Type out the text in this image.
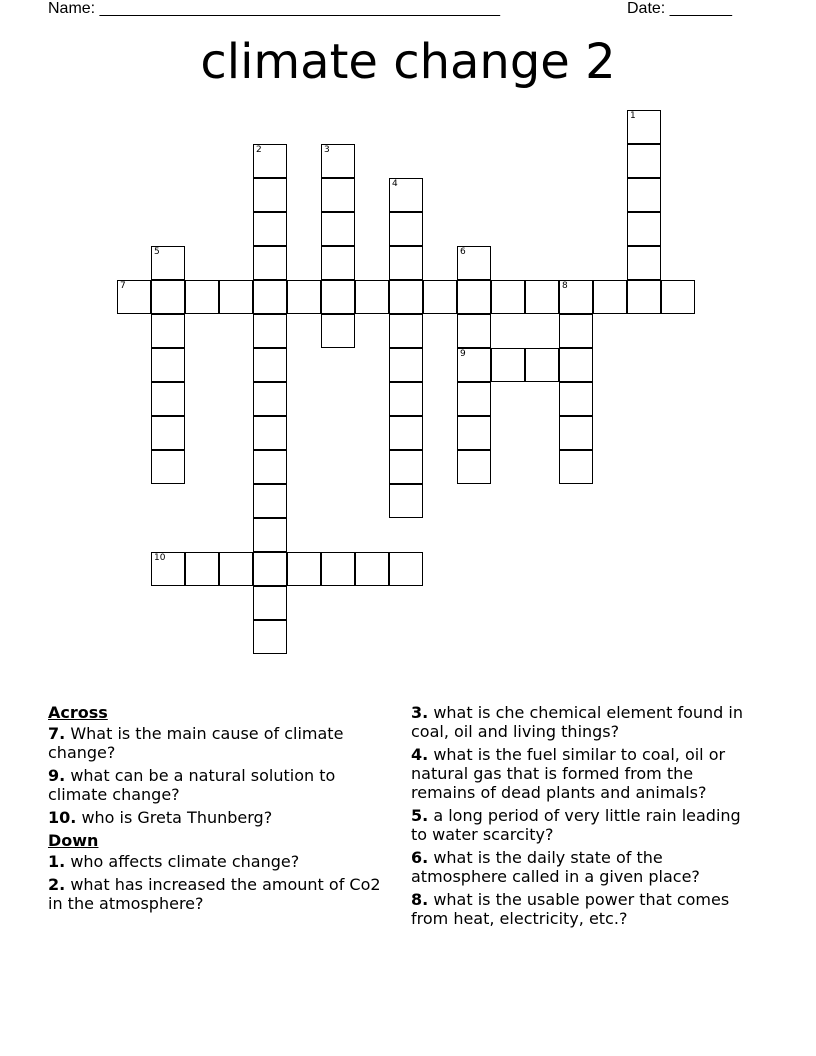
Name: _____________________________________________	Date: _______
climate change 2
1
2	3
4
5	6
9
7	8
10
Across
7. What is the main cause of climate change?
9. what can be a natural solution to climate change?
10. who is Greta Thunberg?
Down
1. who affects climate change?
2. what has increased the amount of Co2 in the atmosphere?
3. what is che chemical element found in coal, oil and living things?
4. what is the fuel similar to coal, oil or natural gas that is formed from the remains of dead plants and animals?
5. a long period of very little rain leading to water scarcity?
6. what is the daily state of the atmosphere called in a given place?
8. what is the usable power that comes from heat, electricity, etc.?
